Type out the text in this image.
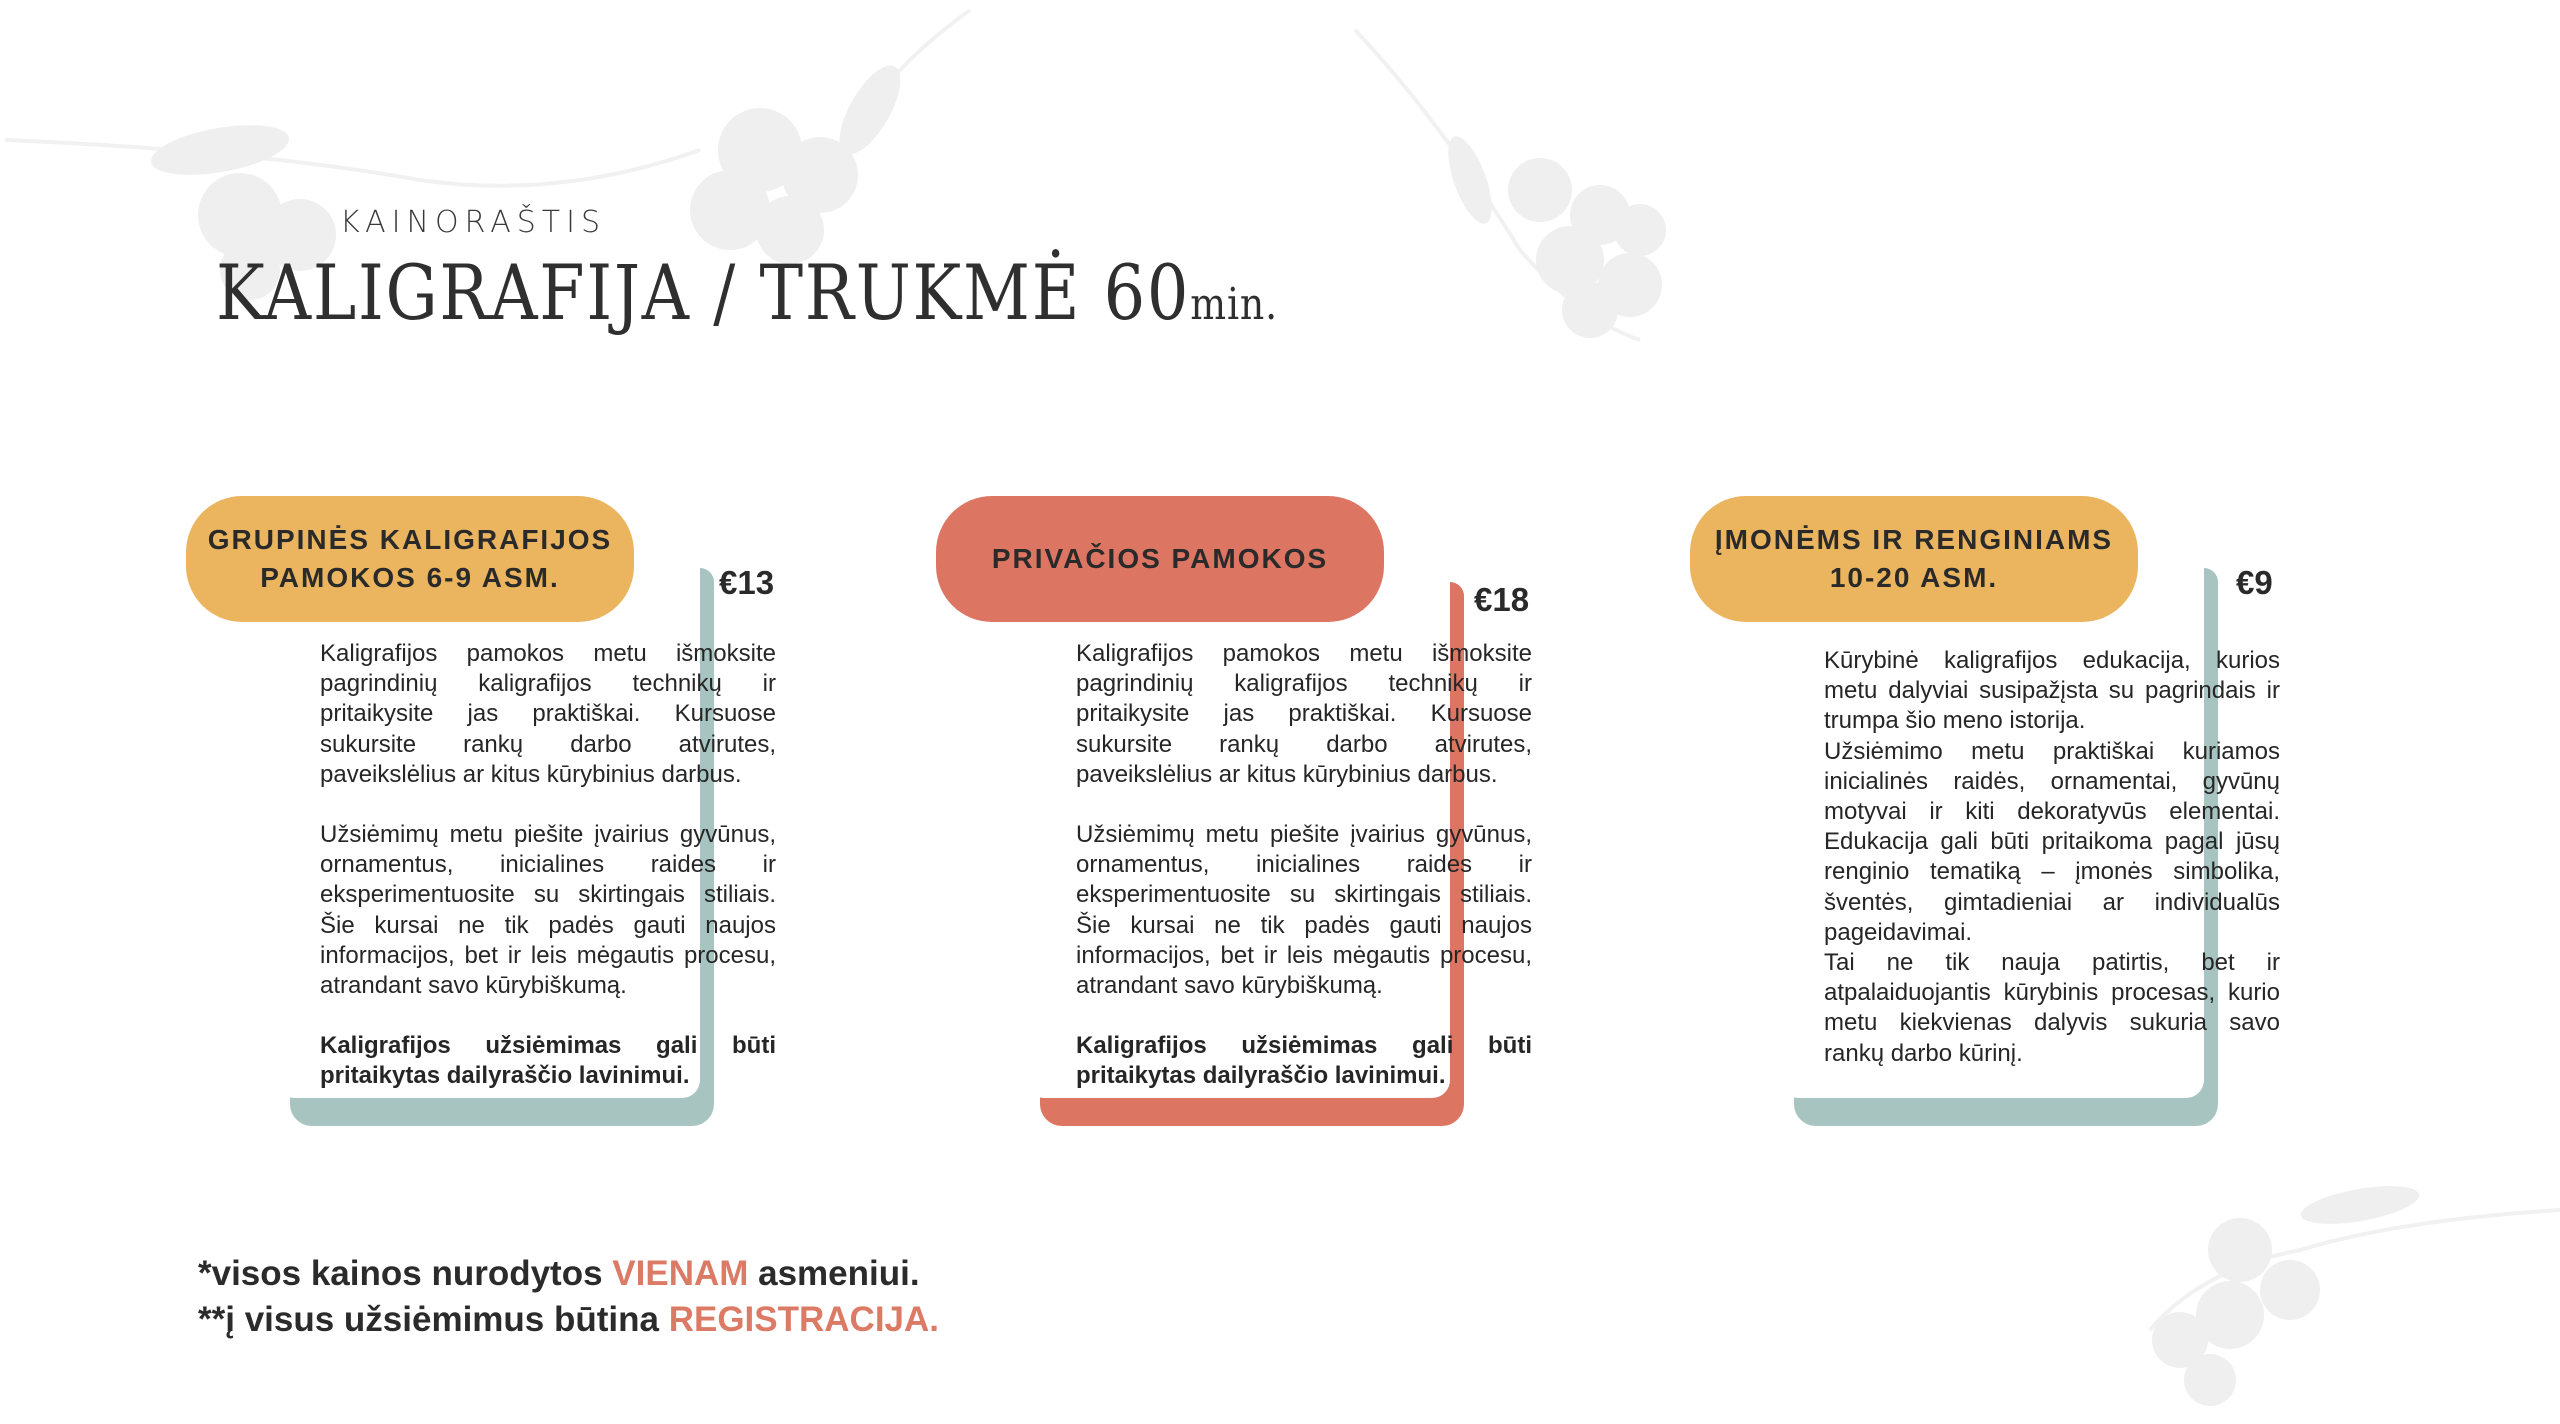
KAINORAŠTIS
KALIGRAFIJA / TRUKMĖ 60min.
GRUPINĖS KALIGRAFIJOS
PAMOKOS 6-9 ASM.	€13

Kaligrafijos pamokos metu išmoksite pagrindinių kaligrafijos technikų ir pritaikysite jas praktiškai. Kursuose sukursite rankų darbo atvirutes, paveikslėlius ar kitus kūrybinius darbus.

Užsiėmimų metu piešite įvairius gyvūnus, ornamentus, inicialines raides ir eksperimentuosite su skirtingais stiliais. Šie kursai ne tik padės gauti naujos informacijos, bet ir leis mėgautis procesu, atrandant savo kūrybiškumą.

Kaligrafijos užsiėmimas gali būti pritaikytas dailyraščio lavinimui.

PRIVAČIOS PAMOKOS
€18

Kaligrafijos pamokos metu išmoksite pagrindinių kaligrafijos technikų ir pritaikysite jas praktiškai. Kursuose sukursite rankų darbo atvirutes, paveikslėlius ar kitus kūrybinius darbus.

Užsiėmimų metu piešite įvairius gyvūnus, ornamentus, inicialines raides ir eksperimentuosite su skirtingais stiliais. Šie kursai ne tik padės gauti naujos informacijos, bet ir leis mėgautis procesu, atrandant savo kūrybiškumą.

Kaligrafijos užsiėmimas gali būti pritaikytas dailyraščio lavinimui.

ĮMONĖMS IR RENGINIAMS
10-20 ASM.	€9

Kūrybinė kaligrafijos edukacija, kurios metu dalyviai susipažįsta su pagrindais ir trumpa šio meno istorija.

Užsiėmimo metu praktiškai kuriamos inicialinės raidės, ornamentai, gyvūnų motyvai ir kiti dekoratyvūs elementai. Edukacija gali būti pritaikoma pagal jūsų renginio tematiką – įmonės simbolika, šventės, gimtadieniai ar individualūs pageidavimai.

Tai ne tik nauja patirtis, bet ir atpalaiduojantis kūrybinis procesas, kurio metu kiekvienas dalyvis sukuria savo rankų darbo kūrinį.

*visos kainos nurodytos VIENAM asmeniui.
**į visus užsiėmimus būtina REGISTRACIJA.
